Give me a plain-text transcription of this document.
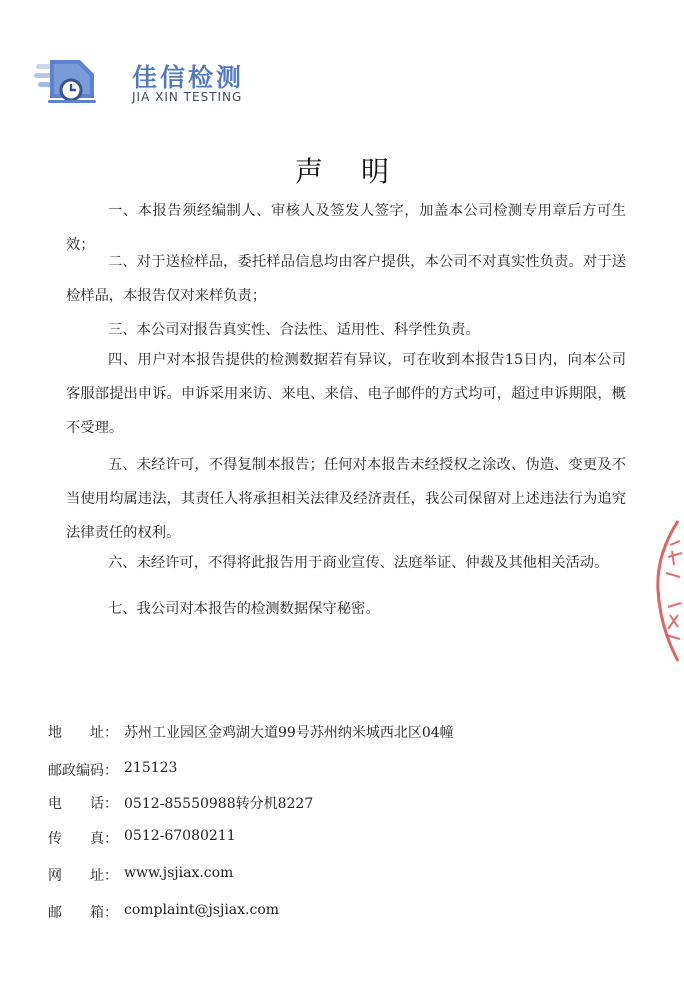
佳信检测
JIA XIN TESTING
声明
一、本报告须经编制人、审核人及签发人签字，加盖本公司检测专用章后方可生效；
二、对于送检样品，委托样品信息均由客户提供，本公司不对真实性负责。对于送检样品，本报告仅对来样负责；
三、本公司对报告真实性、合法性、适用性、科学性负责。
四、用户对本报告提供的检测数据若有异议，可在收到本报告15日内，向本公司客服部提出申诉。申诉采用来访、来电、来信、电子邮件的方式均可，超过申诉期限，概不受理。
五、未经许可，不得复制本报告；任何对本报告未经授权之涂改、伪造、变更及不当使用均属违法，其责任人将承担相关法律及经济责任，我公司保留对上述违法行为追究法律责任的权利。
六、未经许可，不得将此报告用于商业宣传、法庭举证、仲裁及其他相关活动。
七、我公司对本报告的检测数据保守秘密。
地　　址： 苏州工业园区金鸡湖大道99号苏州纳米城西北区04幢
邮政编码： 215123
电　　话： 0512-85550988转分机8227
传　　真： 0512-67080211
网　　址： www.jsjiax.com
邮　　箱： complaint@jsjiax.com
